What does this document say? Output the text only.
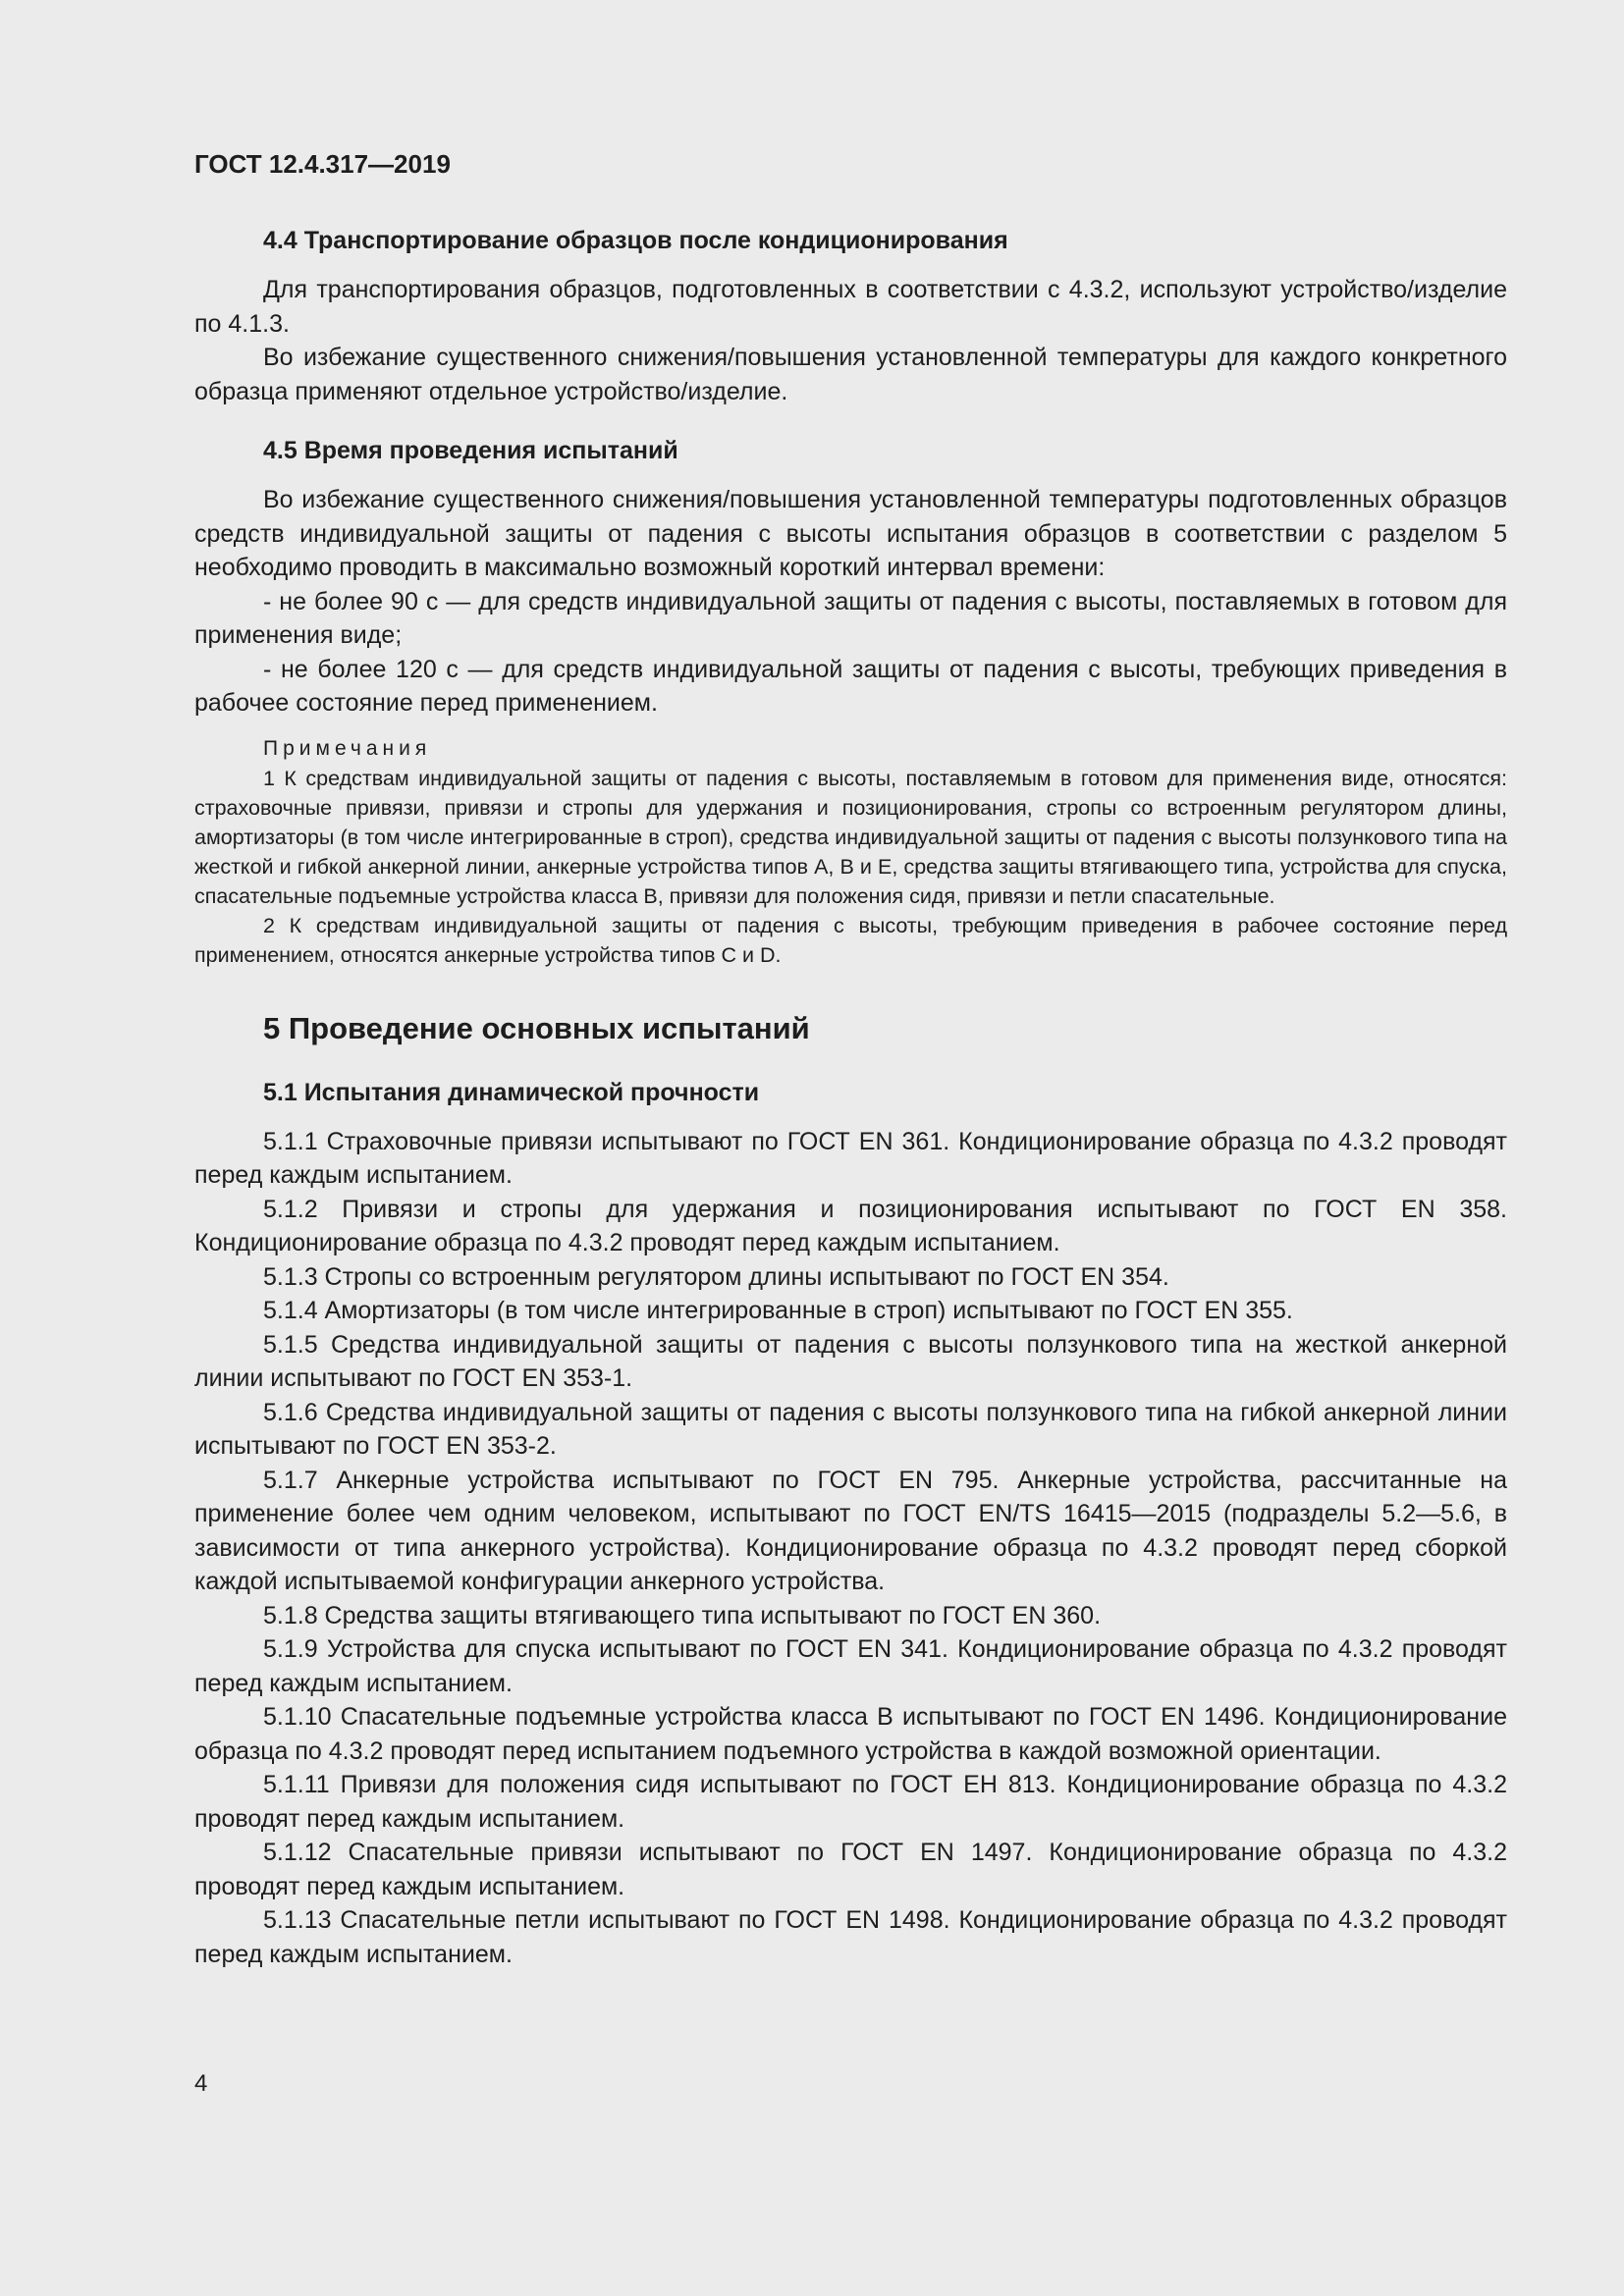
ГОСТ 12.4.317—2019
4.4 Транспортирование образцов после кондиционирования

Для транспортирования образцов, подготовленных в соответствии с 4.3.2, используют устройство/изделие по 4.1.3.

Во избежание существенного снижения/повышения установленной температуры для каждого конкретного образца применяют отдельное устройство/изделие.

4.5 Время проведения испытаний

Во избежание существенного снижения/повышения установленной температуры подготовленных образцов средств индивидуальной защиты от падения с высоты испытания образцов в соответствии с разделом 5 необходимо проводить в максимально возможный короткий интервал времени:

- не более 90 с — для средств индивидуальной защиты от падения с высоты, поставляемых в готовом для применения виде;

- не более 120 с — для средств индивидуальной защиты от падения с высоты, требующих приведения в рабочее состояние перед применением.

Примечания

1 К средствам индивидуальной защиты от падения с высоты, поставляемым в готовом для применения виде, относятся: страховочные привязи, привязи и стропы для удержания и позиционирования, стропы со встроенным регулятором длины, амортизаторы (в том числе интегрированные в строп), средства индивидуальной защиты от падения с высоты ползункового типа на жесткой и гибкой анкерной линии, анкерные устройства типов A, B и E, средства защиты втягивающего типа, устройства для спуска, спасательные подъемные устройства класса B, привязи для положения сидя, привязи и петли спасательные.

2 К средствам индивидуальной защиты от падения с высоты, требующим приведения в рабочее состояние перед применением, относятся анкерные устройства типов C и D.

5 Проведение основных испытаний
5.1 Испытания динамической прочности

5.1.1 Страховочные привязи испытывают по ГОСТ EN 361. Кондиционирование образца по 4.3.2 проводят перед каждым испытанием.

5.1.2 Привязи и стропы для удержания и позиционирования испытывают по ГОСТ EN 358. Кондиционирование образца по 4.3.2 проводят перед каждым испытанием.

5.1.3 Стропы со встроенным регулятором длины испытывают по ГОСТ EN 354.

5.1.4 Амортизаторы (в том числе интегрированные в строп) испытывают по ГОСТ EN 355.

5.1.5 Средства индивидуальной защиты от падения с высоты ползункового типа на жесткой анкерной линии испытывают по ГОСТ EN 353-1.

5.1.6 Средства индивидуальной защиты от падения с высоты ползункового типа на гибкой анкерной линии испытывают по ГОСТ EN 353-2.

5.1.7 Анкерные устройства испытывают по ГОСТ EN 795. Анкерные устройства, рассчитанные на применение более чем одним человеком, испытывают по ГОСТ EN/TS 16415—2015 (подразделы 5.2—5.6, в зависимости от типа анкерного устройства). Кондиционирование образца по 4.3.2 проводят перед сборкой каждой испытываемой конфигурации анкерного устройства.

5.1.8 Средства защиты втягивающего типа испытывают по ГОСТ EN 360.

5.1.9 Устройства для спуска испытывают по ГОСТ EN 341. Кондиционирование образца по 4.3.2 проводят перед каждым испытанием.

5.1.10 Спасательные подъемные устройства класса B испытывают по ГОСТ EN 1496. Кондиционирование образца по 4.3.2 проводят перед испытанием подъемного устройства в каждой возможной ориентации.

5.1.11 Привязи для положения сидя испытывают по ГОСТ ЕН 813. Кондиционирование образца по 4.3.2 проводят перед каждым испытанием.

5.1.12 Спасательные привязи испытывают по ГОСТ EN 1497. Кондиционирование образца по 4.3.2 проводят перед каждым испытанием.

5.1.13 Спасательные петли испытывают по ГОСТ EN 1498. Кондиционирование образца по 4.3.2 проводят перед каждым испытанием.

4
